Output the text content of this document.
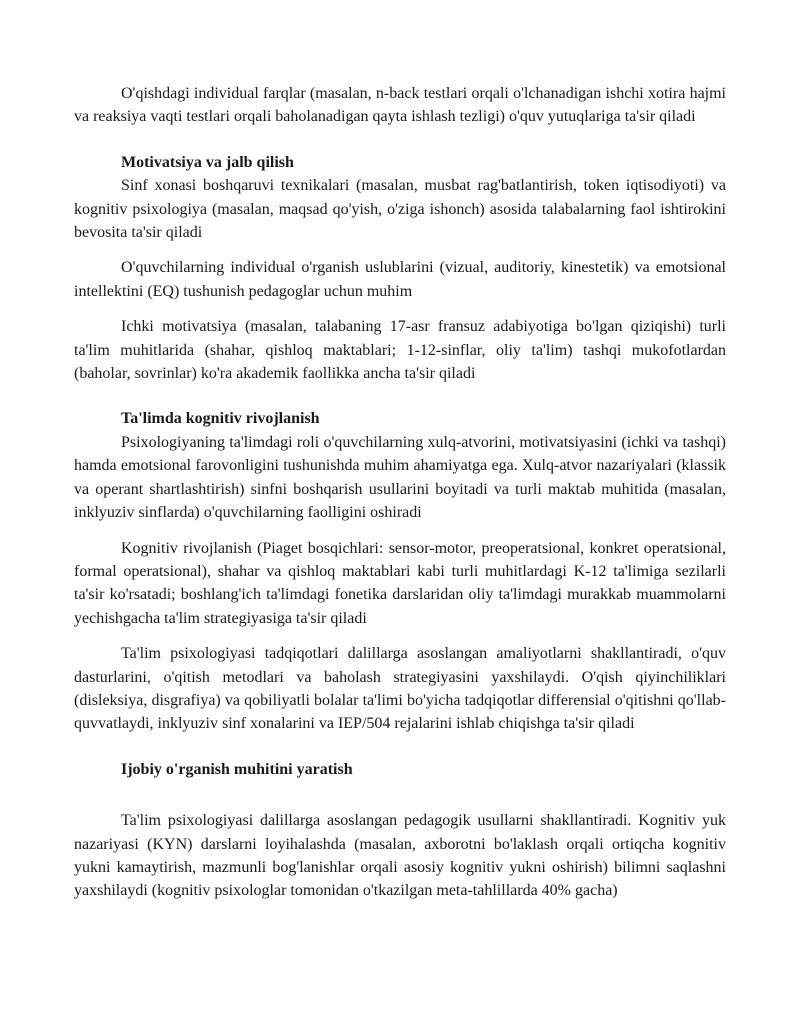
O'qishdagi individual farqlar (masalan, n-back testlari orqali o'lchanadigan ishchi xotira hajmi va reaksiya vaqti testlari orqali baholanadigan qayta ishlash tezligi) o'quv yutuqlariga ta'sir qiladi

Motivatsiya va jalb qilish

Sinf xonasi boshqaruvi texnikalari (masalan, musbat rag'batlantirish, token iqtisodiyoti) va kognitiv psixologiya (masalan, maqsad qo'yish, o'ziga ishonch) asosida talabalarning faol ishtirokini bevosita ta'sir qiladi

O'quvchilarning individual o'rganish uslublarini (vizual, auditoriy, kinestetik) va emotsional intellektini (EQ) tushunish pedagoglar uchun muhim

Ichki motivatsiya (masalan, talabaning 17-asr fransuz adabiyotiga bo'lgan qiziqishi) turli ta'lim muhitlarida (shahar, qishloq maktablari; 1-12-sinflar, oliy ta'lim) tashqi mukofotlardan (baholar, sovrinlar) ko'ra akademik faollikka ancha ta'sir qiladi

Ta'limda kognitiv rivojlanish

Psixologiyaning ta'limdagi roli o'quvchilarning xulq-atvorini, motivatsiyasini (ichki va tashqi) hamda emotsional farovonligini tushunishda muhim ahamiyatga ega. Xulq-atvor nazariyalari (klassik va operant shartlashtirish) sinfni boshqarish usullarini boyitadi va turli maktab muhitida (masalan, inklyuziv sinflarda) o'quvchilarning faolligini oshiradi

Kognitiv rivojlanish (Piaget bosqichlari: sensor-motor, preoperatsional, konkret operatsional, formal operatsional), shahar va qishloq maktablari kabi turli muhitlardagi K-12 ta'limiga sezilarli ta'sir ko'rsatadi; boshlang'ich ta'limdagi fonetika darslaridan oliy ta'limdagi murakkab muammolarni yechishgacha ta'lim strategiyasiga ta'sir qiladi

Ta'lim psixologiyasi tadqiqotlari dalillarga asoslangan amaliyotlarni shakllantiradi, o'quv dasturlarini, o'qitish metodlari va baholash strategiyasini yaxshilaydi. O'qish qiyinchiliklari (disleksiya, disgrafiya) va qobiliyatli bolalar ta'limi bo'yicha tadqiqotlar differensial o'qitishni qo'llab-quvvatlaydi, inklyuziv sinf xonalarini va IEP/504 rejalarini ishlab chiqishga ta'sir qiladi

Ijobiy o'rganish muhitini yaratish

Ta'lim psixologiyasi dalillarga asoslangan pedagogik usullarni shakllantiradi. Kognitiv yuk nazariyasi (KYN) darslarni loyihalashda (masalan, axborotni bo'laklash orqali ortiqcha kognitiv yukni kamaytirish, mazmunli bog'lanishlar orqali asosiy kognitiv yukni oshirish) bilimni saqlashni yaxshilaydi (kognitiv psixologlar tomonidan o'tkazilgan meta-tahlillarda 40% gacha)
